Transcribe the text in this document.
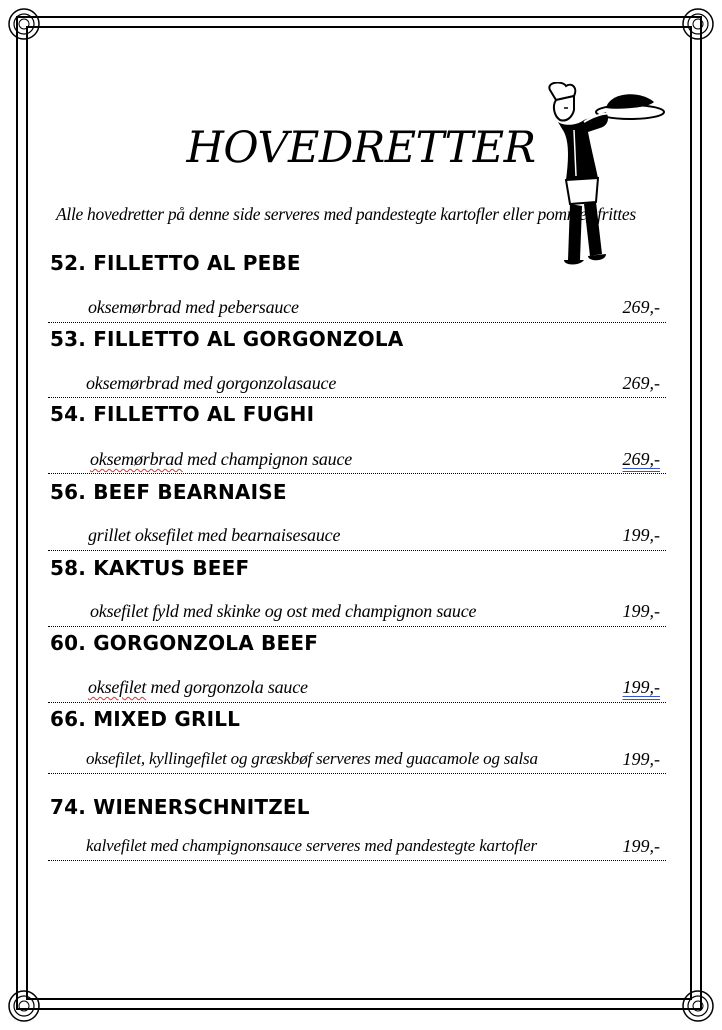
HOVEDRETTER
Alle hovedretter på denne side serveres med pandestegte kartofler eller pommes frittes
52. FILLETTO AL PEBE
oksemørbrad med pebersauce	269,-
53. FILLETTO AL GORGONZOLA
oksemørbrad med gorgonzolasauce	269,-
54. FILLETTO AL FUGHI
oksemørbrad med champignon sauce	269,-
56. BEEF BEARNAISE
grillet oksefilet med bearnaisesauce	199,-
58. KAKTUS BEEF
oksefilet fyld med skinke og ost med champignon sauce	199,-
60. GORGONZOLA BEEF
oksefilet med gorgonzola sauce	199,-
66. MIXED GRILL
oksefilet, kyllingefilet og græskbøf serveres med guacamole og salsa	199,-
74. WIENERSCHNITZEL
kalvefilet med champignonsauce serveres med pandestegte kartofler	199,-
